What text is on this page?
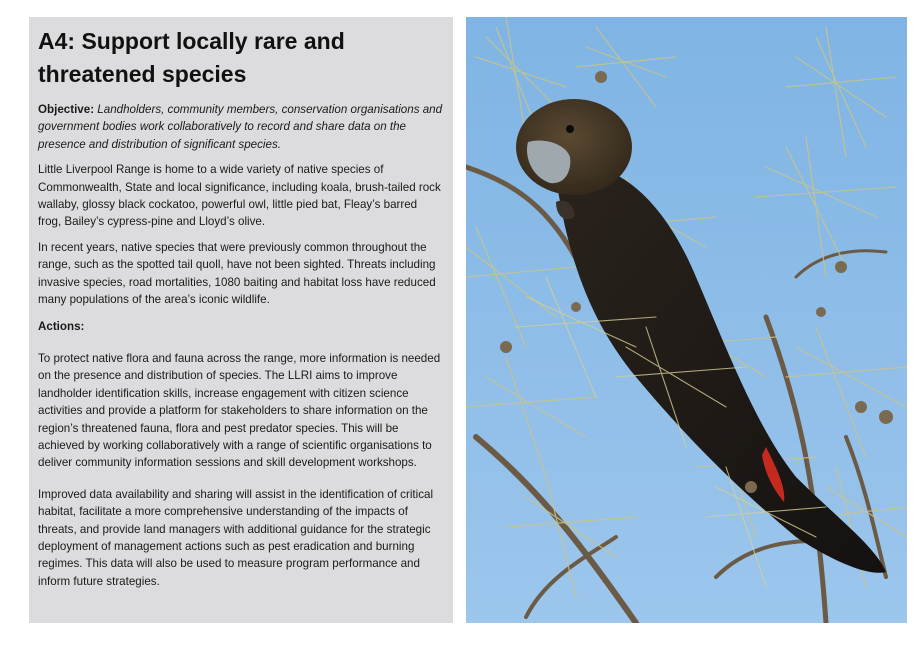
A4: Support locally rare and threatened species

Objective: Landholders, community members, conservation organisations and government bodies work collaboratively to record and share data on the presence and distribution of significant species.

Little Liverpool Range is home to a wide variety of native species of Commonwealth, State and local significance, including koala, brush-tailed rock wallaby, glossy black cockatoo, powerful owl, little pied bat, Fleay’s barred frog, Bailey’s cypress-pine and Lloyd’s olive.

In recent years, native species that were previously common throughout the range, such as the spotted tail quoll, have not been sighted. Threats including invasive species, road mortalities, 1080 baiting and habitat loss have reduced many populations of the area’s iconic wildlife.

Actions:

To protect native flora and fauna across the range, more information is needed on the presence and distribution of species. The LLRI aims to improve landholder identification skills, increase engagement with citizen science activities and provide a platform for stakeholders to share information on the region’s threatened fauna, flora and pest predator species. This will be achieved by working collaboratively with a range of scientific organisations to deliver community information sessions and skill development workshops.

Improved data availability and sharing will assist in the identification of critical habitat, facilitate a more comprehensive understanding of the impacts of threats, and provide land managers with additional guidance for the strategic deployment of management actions such as pest eradication and burning regimes. This data will also be used to measure program performance and inform future strategies.
